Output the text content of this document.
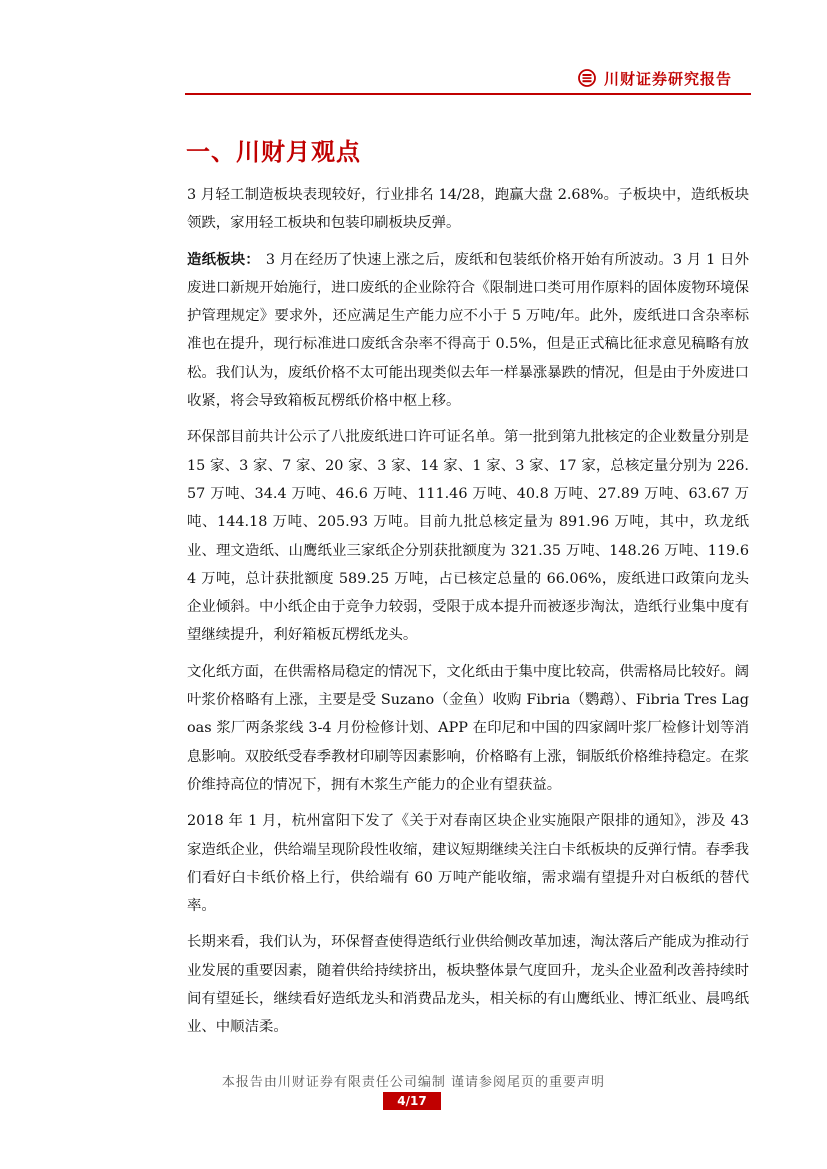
川财证券研究报告
一、川财月观点

3 月轻工制造板块表现较好，行业排名 14/28，跑赢大盘 2.68%。子板块中，造纸板块领跌，家用轻工板块和包装印刷板块反弹。

造纸板块： 3 月在经历了快速上涨之后，废纸和包装纸价格开始有所波动。3 月 1 日外废进口新规开始施行，进口废纸的企业除符合《限制进口类可用作原料的固体废物环境保护管理规定》要求外，还应满足生产能力应不小于 5 万吨/年。此外，废纸进口含杂率标准也在提升，现行标准进口废纸含杂率不得高于 0.5%，但是正式稿比征求意见稿略有放松。我们认为，废纸价格不太可能出现类似去年一样暴涨暴跌的情况，但是由于外废进口收紧，将会导致箱板瓦楞纸价格中枢上移。

环保部目前共计公示了八批废纸进口许可证名单。第一批到第九批核定的企业数量分别是 15 家、3 家、7 家、20 家、3 家、14 家、1 家、3 家、17 家，总核定量分别为 226.57 万吨、34.4 万吨、46.6 万吨、111.46 万吨、40.8 万吨、27.89 万吨、63.67 万吨、144.18 万吨、205.93 万吨。目前九批总核定量为 891.96 万吨，其中，玖龙纸业、理文造纸、山鹰纸业三家纸企分别获批额度为 321.35 万吨、148.26 万吨、119.64 万吨，总计获批额度 589.25 万吨，占已核定总量的 66.06%，废纸进口政策向龙头企业倾斜。中小纸企由于竞争力较弱，受限于成本提升而被逐步淘汰，造纸行业集中度有望继续提升，利好箱板瓦楞纸龙头。

文化纸方面，在供需格局稳定的情况下，文化纸由于集中度比较高，供需格局比较好。阔叶浆价格略有上涨，主要是受 Suzano（金鱼）收购 Fibria（鹦鹉）、Fibria Tres Lagoas 浆厂两条浆线 3-4 月份检修计划、APP 在印尼和中国的四家阔叶浆厂检修计划等消息影响。双胶纸受春季教材印刷等因素影响，价格略有上涨，铜版纸价格维持稳定。在浆价维持高位的情况下，拥有木浆生产能力的企业有望获益。

2018 年 1 月，杭州富阳下发了《关于对春南区块企业实施限产限排的通知》，涉及 43 家造纸企业，供给端呈现阶段性收缩，建议短期继续关注白卡纸板块的反弹行情。春季我们看好白卡纸价格上行，供给端有 60 万吨产能收缩，需求端有望提升对白板纸的替代率。

长期来看，我们认为，环保督查使得造纸行业供给侧改革加速，淘汰落后产能成为推动行业发展的重要因素，随着供给持续挤出，板块整体景气度回升，龙头企业盈利改善持续时间有望延长，继续看好造纸龙头和消费品龙头，相关标的有山鹰纸业、博汇纸业、晨鸣纸业、中顺洁柔。

本报告由川财证券有限责任公司编制 谨请参阅尾页的重要声明
4/17
